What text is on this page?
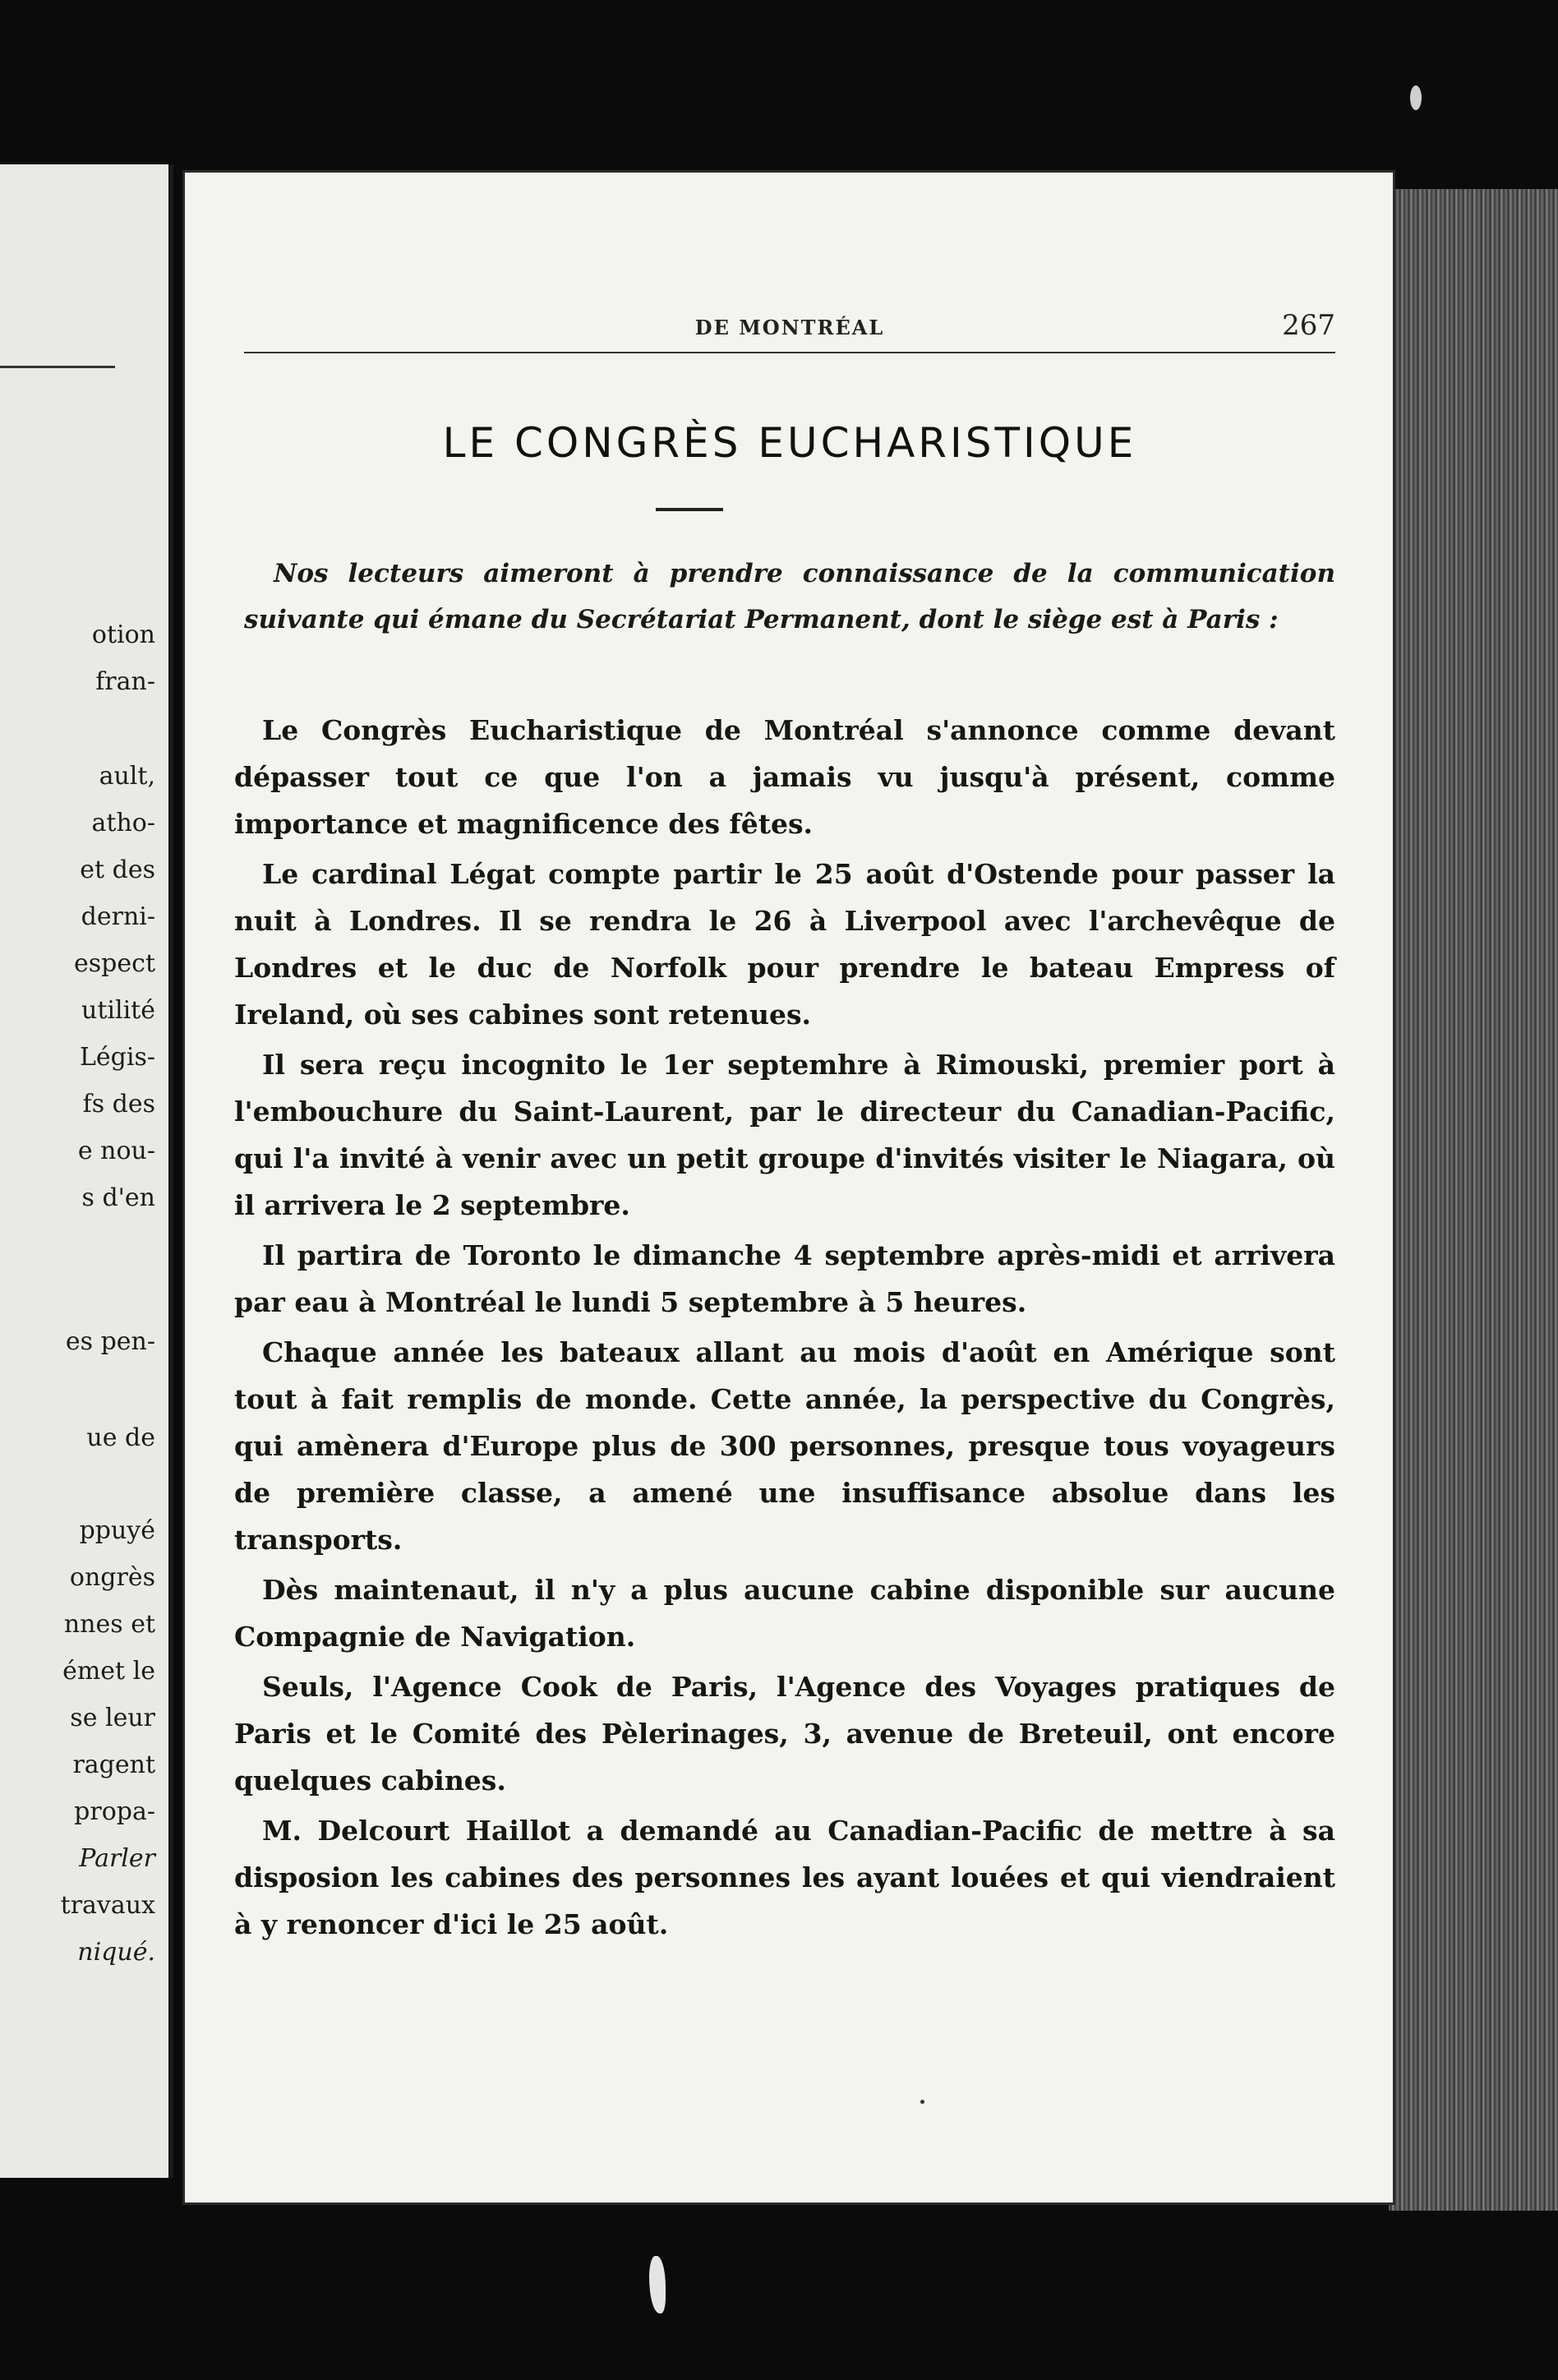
otion

fran-

ault,

atho-

et des

derni-

espect

utilité

Légis-

fs des

e nou-

s d'en

es pen-

ue de

ppuyé

ongrès

nnes et

émet le

se leur

ragent

propa-

Parler

travaux

niqué.

DE MONTRÉAL	267
LE CONGRÈS EUCHARISTIQUE

Nos lecteurs aimeront à prendre connaissance de la communication suivante qui émane du Secrétariat Permanent, dont le siège est à Paris :

Le Congrès Eucharistique de Montréal s'annonce comme devant dépasser tout ce que l'on a jamais vu jusqu'à présent, comme importance et magnificence des fêtes.

Le cardinal Légat compte partir le 25 août d'Ostende pour passer la nuit à Londres. Il se rendra le 26 à Liverpool avec l'archevêque de Londres et le duc de Norfolk pour prendre le bateau Empress of Ireland, où ses cabines sont retenues.

Il sera reçu incognito le 1er septemhre à Rimouski, premier port à l'embouchure du Saint-Laurent, par le directeur du Canadian-Pacific, qui l'a invité à venir avec un petit groupe d'invités visiter le Niagara, où il arrivera le 2 septembre.

Il partira de Toronto le dimanche 4 septembre après-midi et arrivera par eau à Montréal le lundi 5 septembre à 5 heures.

Chaque année les bateaux allant au mois d'août en Amérique sont tout à fait remplis de monde. Cette année, la perspective du Congrès, qui amènera d'Europe plus de 300 personnes, presque tous voyageurs de première classe, a amené une insuffisance absolue dans les transports.

Dès maintenaut, il n'y a plus aucune cabine disponible sur aucune Compagnie de Navigation.

Seuls, l'Agence Cook de Paris, l'Agence des Voyages pratiques de Paris et le Comité des Pèlerinages, 3, avenue de Breteuil, ont encore quelques cabines.

M. Delcourt Haillot a demandé au Canadian-Pacific de mettre à sa disposion les cabines des personnes les ayant louées et qui viendraient à y renoncer d'ici le 25 août.
